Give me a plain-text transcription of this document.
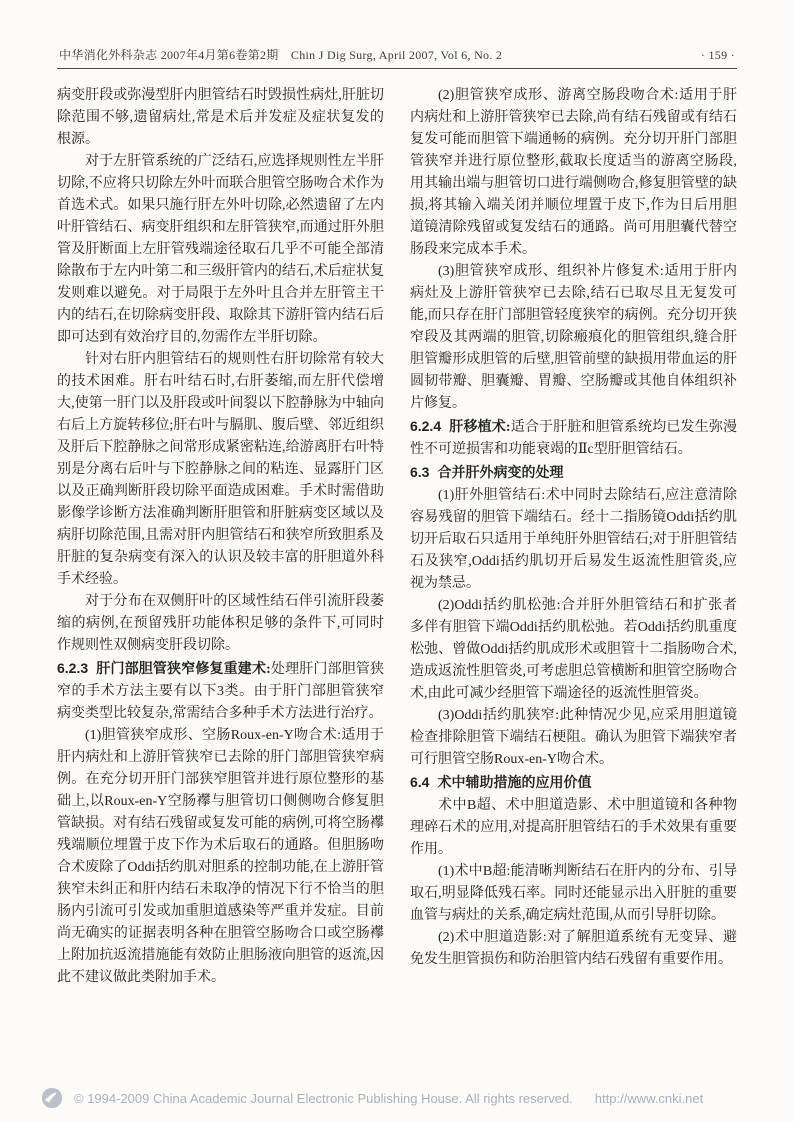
中华消化外科杂志 2007年4月第6卷第2期　Chin J Dig Surg, April 2007, Vol 6, No. 2	· 159 ·

病变肝段或弥漫型肝内胆管结石时毁损性病灶,肝脏切除范围不够,遗留病灶,常是术后并发症及症状复发的根源。

对于左肝管系统的广泛结石,应选择规则性左半肝切除,不应将只切除左外叶而联合胆管空肠吻合术作为首选术式。如果只施行肝左外叶切除,必然遗留了左内叶肝管结石、病变肝组织和左肝管狭窄,而通过肝外胆管及肝断面上左肝管残端途径取石几乎不可能全部清除散布于左内叶第二和三级肝管内的结石,术后症状复发则难以避免。对于局限于左外叶且合并左肝管主干内的结石,在切除病变肝段、取除其下游肝管内结石后即可达到有效治疗目的,勿需作左半肝切除。

针对右肝内胆管结石的规则性右肝切除常有较大的技术困难。肝右叶结石时,右肝萎缩,而左肝代偿增大,使第一肝门以及肝段或叶间裂以下腔静脉为中轴向右后上方旋转移位;肝右叶与膈肌、腹后壁、邻近组织及肝后下腔静脉之间常形成紧密粘连,给游离肝右叶特别是分离右后叶与下腔静脉之间的粘连、显露肝门区以及正确判断肝段切除平面造成困难。手术时需借助影像学诊断方法准确判断肝胆管和肝脏病变区域以及病肝切除范围,且需对肝内胆管结石和狭窄所致胆系及肝脏的复杂病变有深入的认识及较丰富的肝胆道外科手术经验。

对于分布在双侧肝叶的区域性结石伴引流肝段萎缩的病例,在预留残肝功能体积足够的条件下,可同时作规则性双侧病变肝段切除。

6.2.3 肝门部胆管狭窄修复重建术:处理肝门部胆管狭窄的手术方法主要有以下3类。由于肝门部胆管狭窄病变类型比较复杂,常需结合多种手术方法进行治疗。

(1)胆管狭窄成形、空肠Roux-en-Y吻合术:适用于肝内病灶和上游肝管狭窄已去除的肝门部胆管狭窄病例。在充分切开肝门部狭窄胆管并进行原位整形的基础上,以Roux-en-Y空肠襻与胆管切口侧侧吻合修复胆管缺损。对有结石残留或复发可能的病例,可将空肠襻残端顺位埋置于皮下作为术后取石的通路。但胆肠吻合术废除了Oddi括约肌对胆系的控制功能,在上游肝管狭窄未纠正和肝内结石未取净的情况下行不恰当的胆肠内引流可引发或加重胆道感染等严重并发症。目前尚无确实的证据表明各种在胆管空肠吻合口或空肠襻上附加抗返流措施能有效防止胆肠液向胆管的返流,因此不建议做此类附加手术。

(2)胆管狭窄成形、游离空肠段吻合术:适用于肝内病灶和上游肝管狭窄已去除,尚有结石残留或有结石复发可能而胆管下端通畅的病例。充分切开肝门部胆管狭窄并进行原位整形,截取长度适当的游离空肠段,用其输出端与胆管切口进行端侧吻合,修复胆管壁的缺损,将其输入端关闭并顺位埋置于皮下,作为日后用胆道镜清除残留或复发结石的通路。尚可用胆囊代替空肠段来完成本手术。

(3)胆管狭窄成形、组织补片修复术:适用于肝内病灶及上游肝管狭窄已去除,结石已取尽且无复发可能,而只存在肝门部胆管轻度狭窄的病例。充分切开狭窄段及其两端的胆管,切除瘢痕化的胆管组织,缝合肝胆管瓣形成胆管的后壁,胆管前壁的缺损用带血运的肝圆韧带瓣、胆囊瓣、胃瓣、空肠瓣或其他自体组织补片修复。

6.2.4 肝移植术:适合于肝脏和胆管系统均已发生弥漫性不可逆损害和功能衰竭的Ⅱc型肝胆管结石。

6.3 合并肝外病变的处理

(1)肝外胆管结石:术中同时去除结石,应注意清除容易残留的胆管下端结石。经十二指肠镜Oddi括约肌切开后取石只适用于单纯肝外胆管结石;对于肝胆管结石及狭窄,Oddi括约肌切开后易发生返流性胆管炎,应视为禁忌。

(2)Oddi括约肌松弛:合并肝外胆管结石和扩张者多伴有胆管下端Oddi括约肌松弛。若Oddi括约肌重度松弛、曾做Oddi括约肌成形术或胆管十二指肠吻合术,造成返流性胆管炎,可考虑胆总管横断和胆管空肠吻合术,由此可减少经胆管下端途径的返流性胆管炎。

(3)Oddi括约肌狭窄:此种情况少见,应采用胆道镜检查排除胆管下端结石梗阻。确认为胆管下端狭窄者可行胆管空肠Roux-en-Y吻合术。

6.4 术中辅助措施的应用价值

术中B超、术中胆道造影、术中胆道镜和各种物理碎石术的应用,对提高肝胆管结石的手术效果有重要作用。

(1)术中B超:能清晰判断结石在肝内的分布、引导取石,明显降低残石率。同时还能显示出入肝脏的重要血管与病灶的关系,确定病灶范围,从而引导肝切除。

(2)术中胆道造影:对了解胆道系统有无变异、避免发生胆管损伤和防治胆管内结石残留有重要作用。

© 1994-2009 China Academic Journal Electronic Publishing House. All rights reserved. http://www.cnki.net
